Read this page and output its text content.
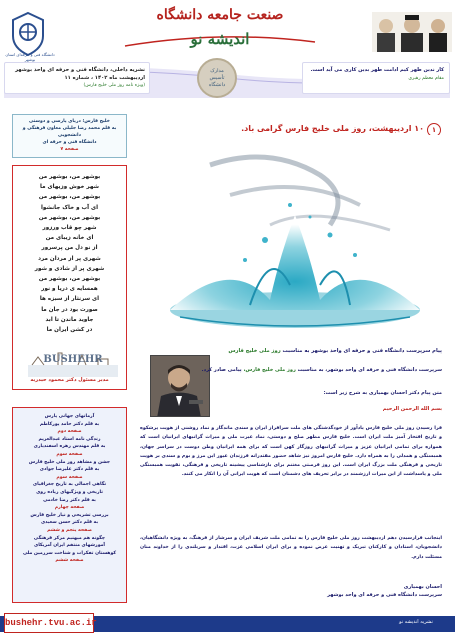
دانشگاه فنی و حرفه‌ای استان بوشهر
صنعت جامعه دانشگاه
اندیشه نو
نشریه داخلی، دانشگاه فنی و حرفه ای واحد بوشهر
اردیبهشت ماه ۱۴۰۲ ، شماره ۱۱
(ویژه نامه روز ملی خلیج فارس)
مدارک تأسیس دانشگاه
کار ندین طهر کیم ادامت طهر بدین کاری می آید است.
مقام معظم رهبری
خلیج فارس؛ دریای پارسی و دوستی
به قلم محمد رضا جلیلی معاون فرهنگی و دانشجویی
دانشگاه فنی و حرفه ای
صفحه ۷
بوشهر من، بوشهر من
شهر خوش وزیهای ما
بوشهر من، بوشهر من
ای آب و خاک جانشوا
بوشهر من، بوشهر من
شهر چو قاب ورزور
ای خانه زیبای من
از نو دل من پرسرور
شهری پر از مردان مرد
شهری پر از شادی و شور
بوشهر من، بوشهر من
همسایه ی دریا و نور
ای سرنثار از سبزه ها
صورت بود در جان ما
جاوید ماندن تا ابد
در کشن ایران ما
BUSHEHR
مدیر مسئول دکتر محمود حیدریه
آرمانهای جهانی پارس
به قلم دکتر حامد پورکاظم
صفحه دوم
زندگی نامه استاد عبدالعزیم
به قلم مهندس زهره اسفندیاری
صفحه سوم
جشن و مشاهد روز ملی خلیج فارس
به قلم دکتر علیرضا جوادی
صفحه سوم
نگاهی اجمالی به تاریخ جغرافیای
تاریخی و ویژگیهای زیاده روی
به قلم دکتر رضا خادمی
صفحه چهارم
بررسی تشریحی و نیاز خلیج فارس
به قلم دکتر حسن سعیدی
صفحه پنجم و ششم
چگونه هم میهنیم مرکز فرهنگی
آموزشهای منتقم ایران آمریکای
کوهستان تفکرات و شناخت سرزمین ملی
صفحه ششم
۱
۱۰ اردیبهشت، روز ملی خلیج فارس گرامی باد.
پیام سرپرست دانشگاه فنی و حرفه ای واحد بوشهر به مناسبت روز ملی خلیج فارس
سرپرست دانشگاه فنی و حرفه ای واحد بوشهر، به مناسبت روز ملی خلیج فارس، پیامی صادر کرد.
متن پیام دکتر احسان بهمیاری به شرح زیر است:
بسم الله الرحمن الرحیم
فرا رسیدن روز ملی خلیج فارس یادآور از خودگذشتگی های ملت سرافراز ایران و سندی ماندگار و نماد روشنی از هویت پرشکوه و تاریخ افتخار آمیز ملت ایران است. خلیج فارس مظهر صلح و دوستی، نماد غیرت ملی و میراث گرانبهای ایرانیان است که همواره برای تمامی ایرانیان عزیز و میراث گرانبهای روزگار کهن است که برای همه ایرانیان وطن دوست در سراسر جهان، همبستگی و همدلی را به همراه دارد. خلیج فارس امروز نیز شاهد حضور مقتدرانه فرزندان غیور این مرز و بوم و سندی بر هویت تاریخی و فرهنگی ملت بزرگ ایران است. این روز فرصتی مغتنم برای بازشناسی پیشینه تاریخی و فرهنگی، تقویت همبستگی ملی و پاسداشت از این میراث ارزشمند در برابر تحریف های دشمنان است که هویت ایرانی آن را انکار می کنند.
اینجانب فرارسیدن دهم اردیبهشت روز ملی خلیج فارس را به تمامی ملت شریف ایران و سرشار از فرهنگ، به ویژه دانشگاهیان، دانشجویان، استادان و کارکنان تبریک و تهنیت عرض نموده و برای ایران اسلامی عزت، اقتدار و سربلندی را از خداوند منان مسئلت دارم.
احسان بهمیاری
سرپرست دانشگاه فنی و حرفه ای واحد بوشهر
bushehr.tvu.ac.ir	نشریه اندیشه نو
